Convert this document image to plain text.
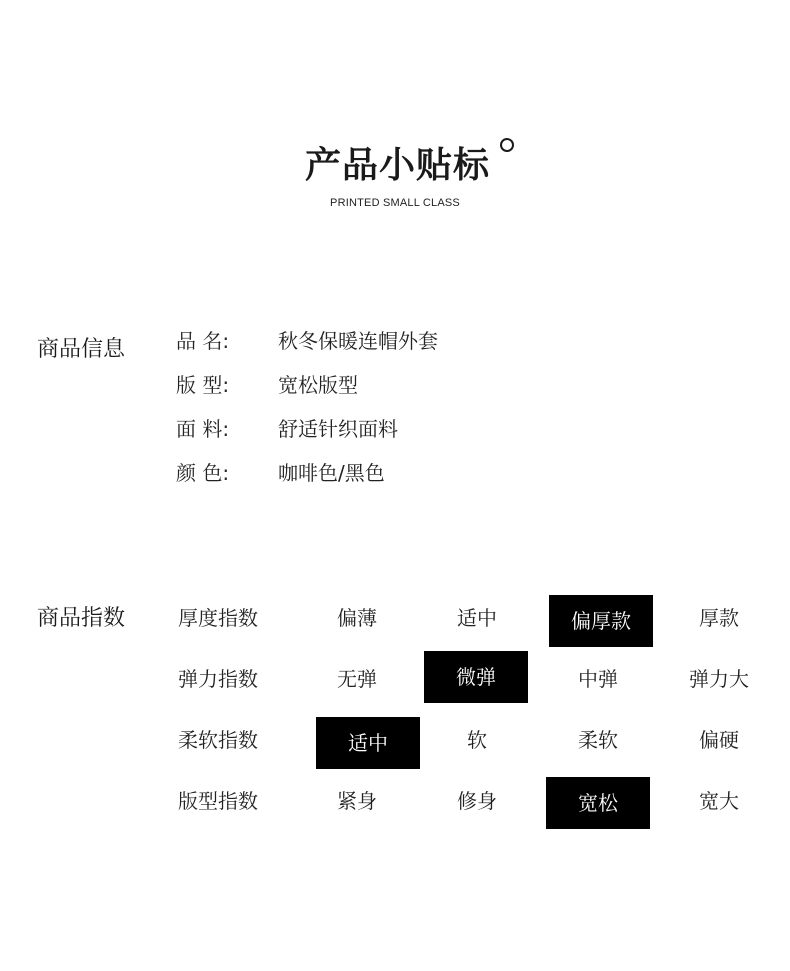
产品小贴标
PRINTED SMALL CLASS
商品信息	品 名: 秋冬保暖连帽外套
版 型: 宽松版型
面 料: 舒适针织面料
颜 色: 咖啡色/黑色
商品指数	厚度指数	偏薄	适中	偏厚款	厚款
弹力指数	无弹	微弹	中弹	弹力大
柔软指数	适中	软	柔软	偏硬
版型指数	紧身	修身	宽松	宽大
